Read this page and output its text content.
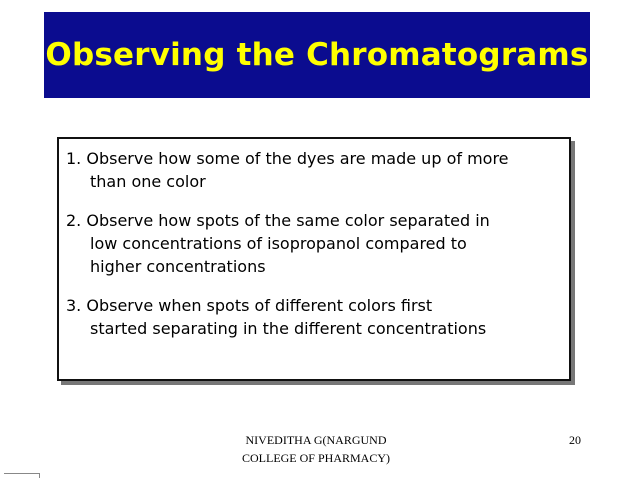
Observing the Chromatograms
1. Observe how some of the dyes are made up of more
than one color
2. Observe how spots of the same color separated in
low concentrations of isopropanol compared to
higher concentrations
3. Observe when spots of different colors first
started separating in the different concentrations
NIVEDITHA G(NARGUND
COLLEGE OF PHARMACY)
20
